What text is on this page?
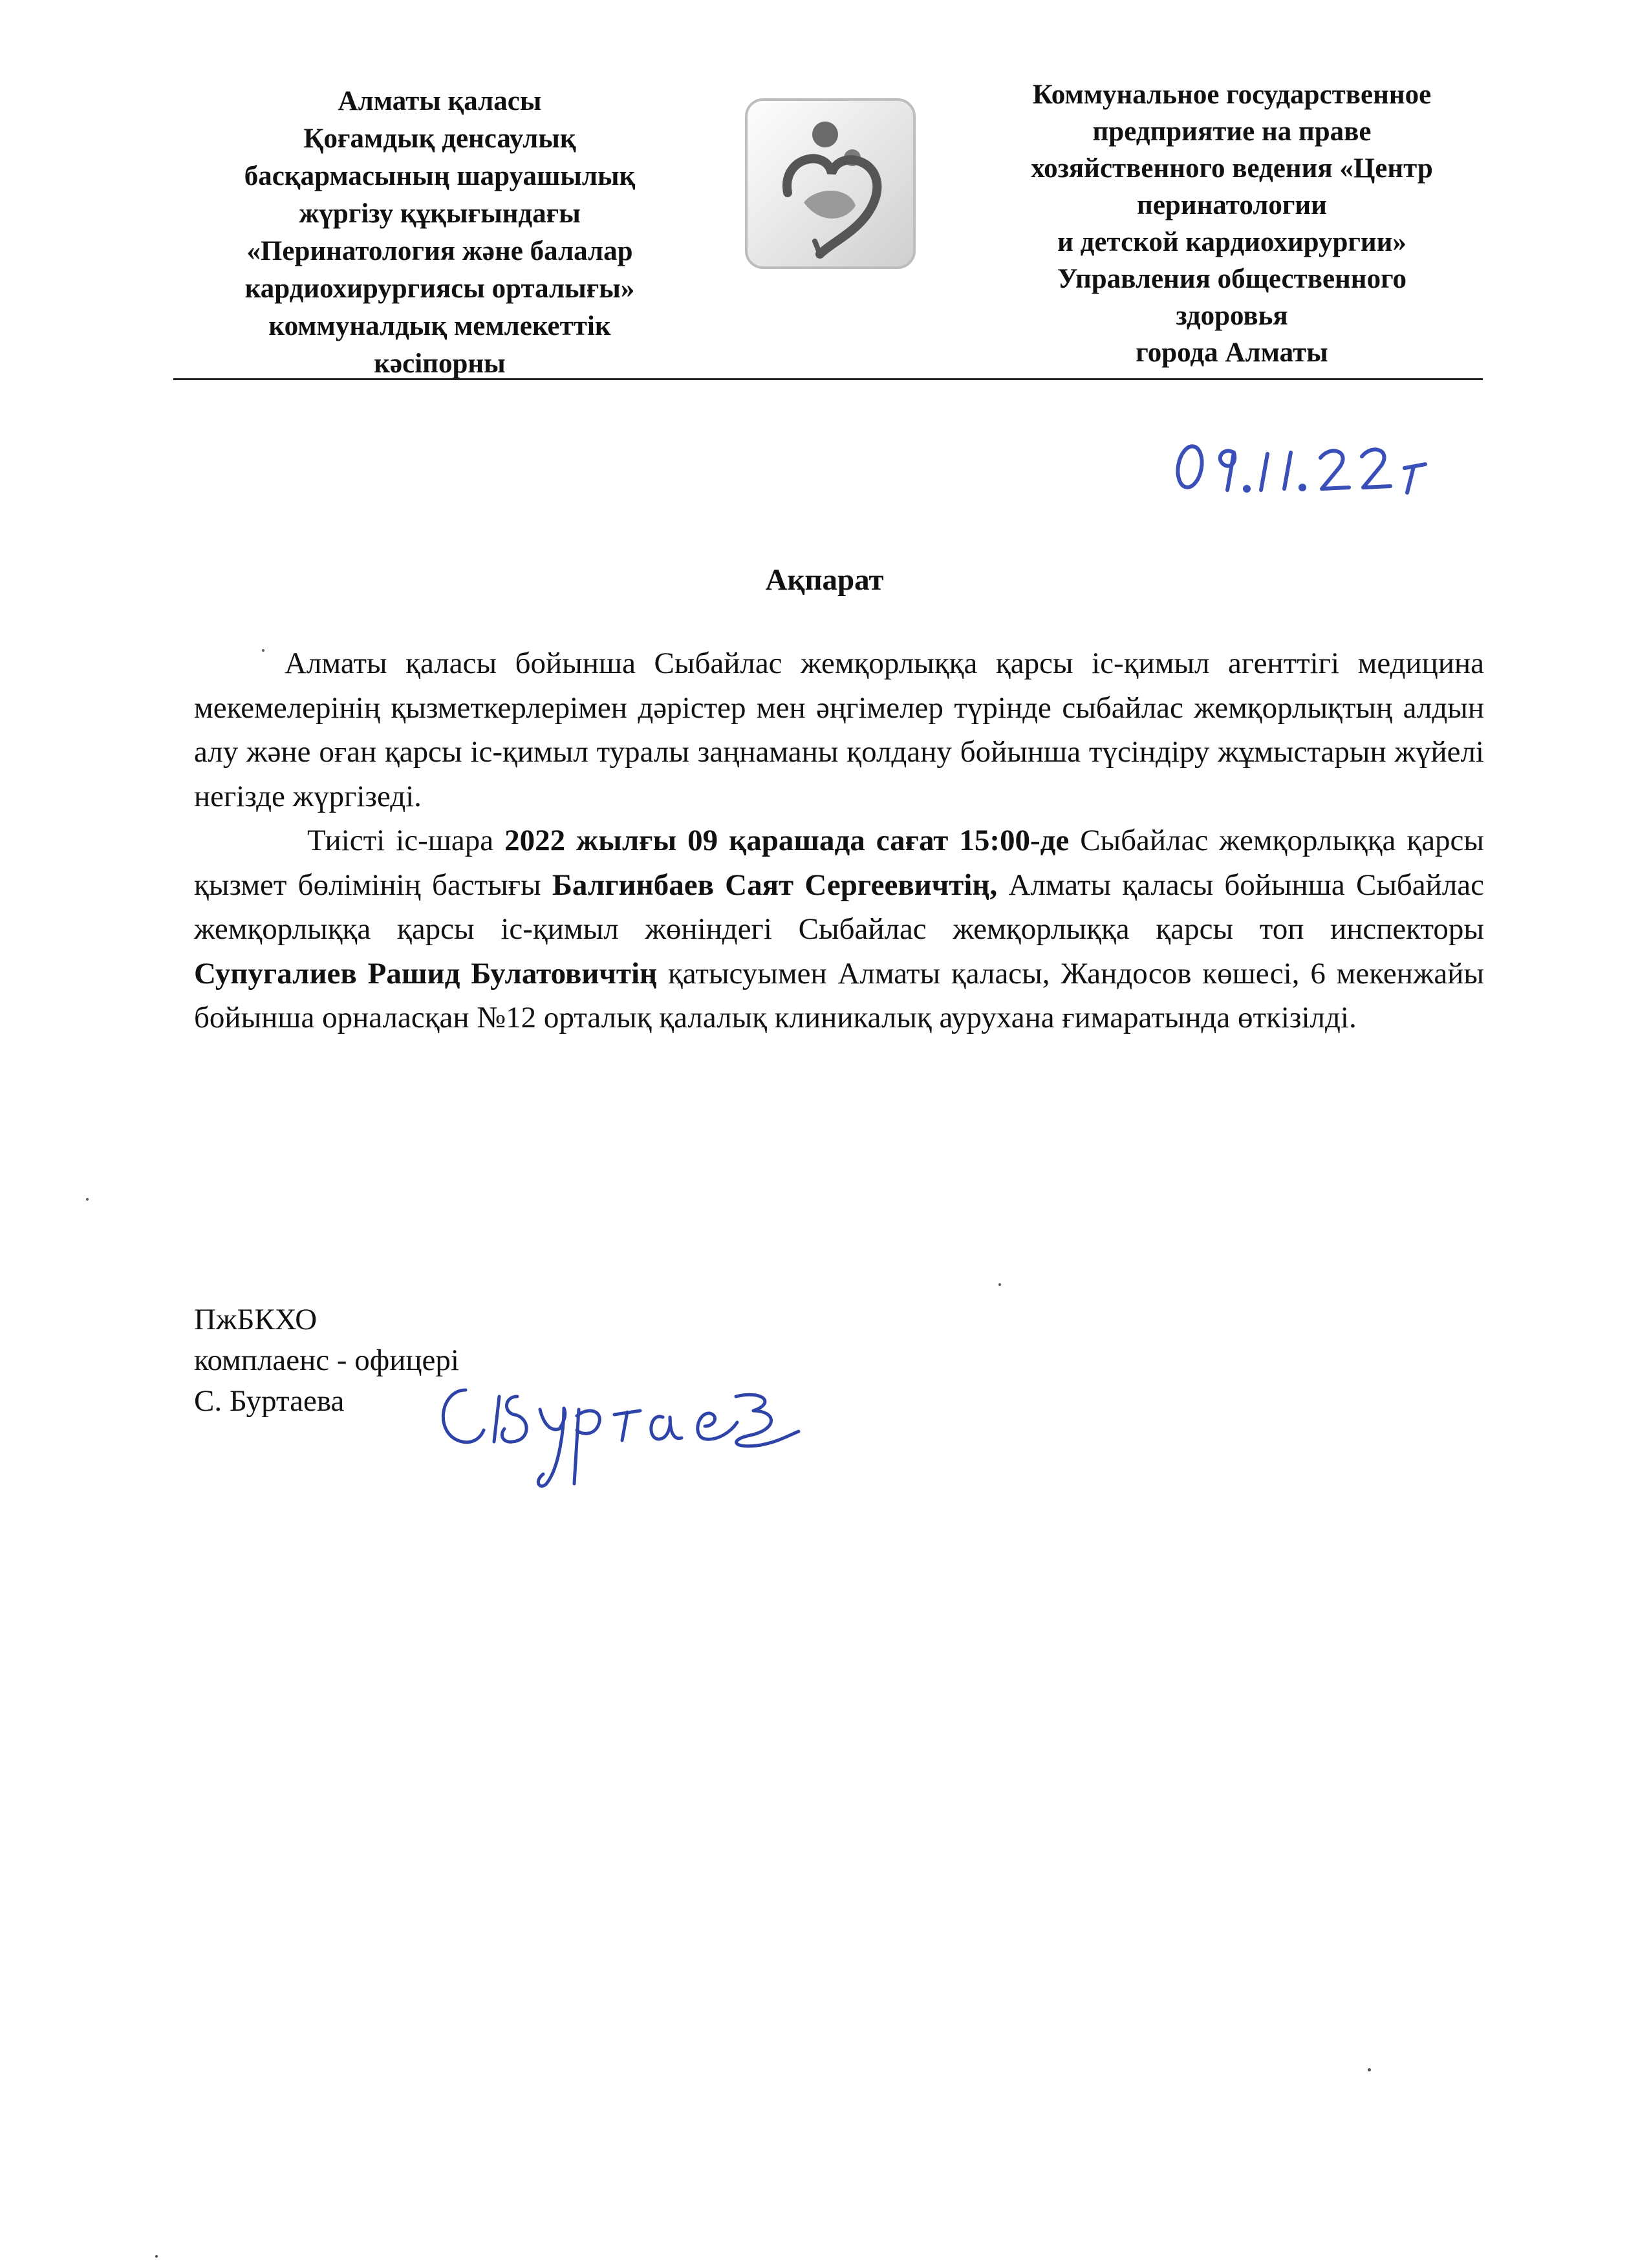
Алматы қаласы
Қоғамдық денсаулық
басқармасының шаруашылық
жүргізу құқығындағы
«Перинатология және балалар
кардиохирургиясы орталығы»
коммуналдық мемлекеттік
кәсіпорны
Коммунальное государственное
предприятие на праве
хозяйственного ведения «Центр
перинатологии
и детской кардиохирургии»
Управления общественного
здоровья
города Алматы
Ақпарат

Алматы қаласы бойынша Сыбайлас жемқорлыққа қарсы іс-қимыл агенттігі медицина мекемелерінің қызметкерлерімен дәрістер мен әңгімелер түрінде сыбайлас жемқорлықтың алдын алу және оған қарсы іс-қимыл туралы заңнаманы қолдану бойынша түсіндіру жұмыстарын жүйелі негізде жүргізеді.

Тиісті іс-шара 2022 жылғы 09 қарашада сағат 15:00-де Сыбайлас жемқорлыққа қарсы қызмет бөлімінің бастығы Балгинбаев Саят Сергеевичтің, Алматы қаласы бойынша Сыбайлас жемқорлыққа қарсы іс-қимыл жөніндегі Сыбайлас жемқорлыққа қарсы топ инспекторы Супугалиев Рашид Булатовичтің қатысуымен Алматы қаласы, Жандосов көшесі, 6 мекенжайы бойынша орналасқан №12 орталық қалалық клиникалық аурухана ғимаратында өткізілді.

ПжБКХО
комплаенс - офицері
С. Буртаева
